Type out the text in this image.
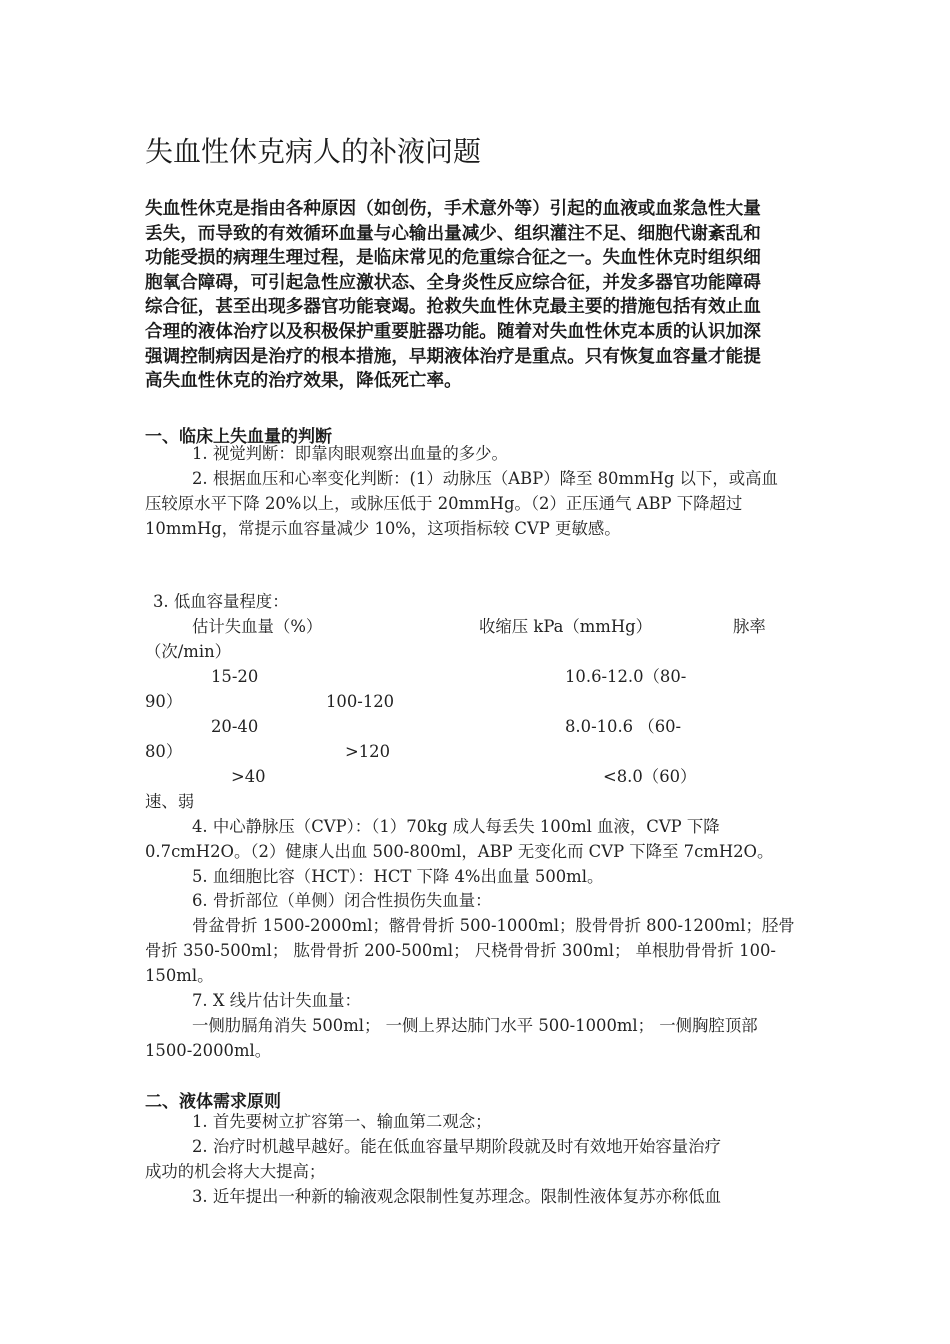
失血性休克病人的补液问题
失血性休克是指由各种原因（如创伤，手术意外等）引起的血液或血浆急性大量
丢失，而导致的有效循环血量与心输出量减少、组织灌注不足、细胞代谢紊乱和
功能受损的病理生理过程，是临床常见的危重综合征之一。失血性休克时组织细
胞氧合障碍，可引起急性应激状态、全身炎性反应综合征，并发多器官功能障碍
综合征，甚至出现多器官功能衰竭。抢救失血性休克最主要的措施包括有效止血
合理的液体治疗以及积极保护重要脏器功能。随着对失血性休克本质的认识加深
强调控制病因是治疗的根本措施，早期液体治疗是重点。只有恢复血容量才能提
高失血性休克的治疗效果，降低死亡率。
一、临床上失血量的判断
1. 视觉判断：即靠肉眼观察出血量的多少。
2. 根据血压和心率变化判断：(1）动脉压（ABP）降至 80mmHg 以下，或高血
压较原水平下降 20%以上，或脉压低于 20mmHg。（2）正压通气 ABP 下降超过
10mmHg，常提示血容量减少 10%，这项指标较 CVP 更敏感。
3. 低血容量程度：
估计失血量（%）	收缩压 kPa（mmHg）	脉率
（次/min）
15-20	10.6-12.0（80-
90）	100-120
20-40	8.0-10.6 （60-
80）	>120
>40	<8.0（60）
速、弱
4. 中心静脉压（CVP）：（1）70kg 成人每丢失 100ml 血液，CVP 下降
0.7cmH2O。（2）健康人出血 500-800ml，ABP 无变化而 CVP 下降至 7cmH2O。
5. 血细胞比容（HCT）：HCT 下降 4%出血量 500ml。
6. 骨折部位（单侧）闭合性损伤失血量：
骨盆骨折 1500-2000ml；髂骨骨折 500-1000ml；股骨骨折 800-1200ml；胫骨
骨折 350-500ml； 肱骨骨折 200-500ml； 尺桡骨骨折 300ml； 单根肋骨骨折 100-
150ml。
7. X 线片估计失血量：
一侧肋膈角消失 500ml； 一侧上界达肺门水平 500-1000ml； 一侧胸腔顶部
1500-2000ml。
二、液体需求原则
1. 首先要树立扩容第一、输血第二观念；
2. 治疗时机越早越好。能在低血容量早期阶段就及时有效地开始容量治疗
成功的机会将大大提高；
3. 近年提出一种新的输液观念限制性复苏理念。限制性液体复苏亦称低血
